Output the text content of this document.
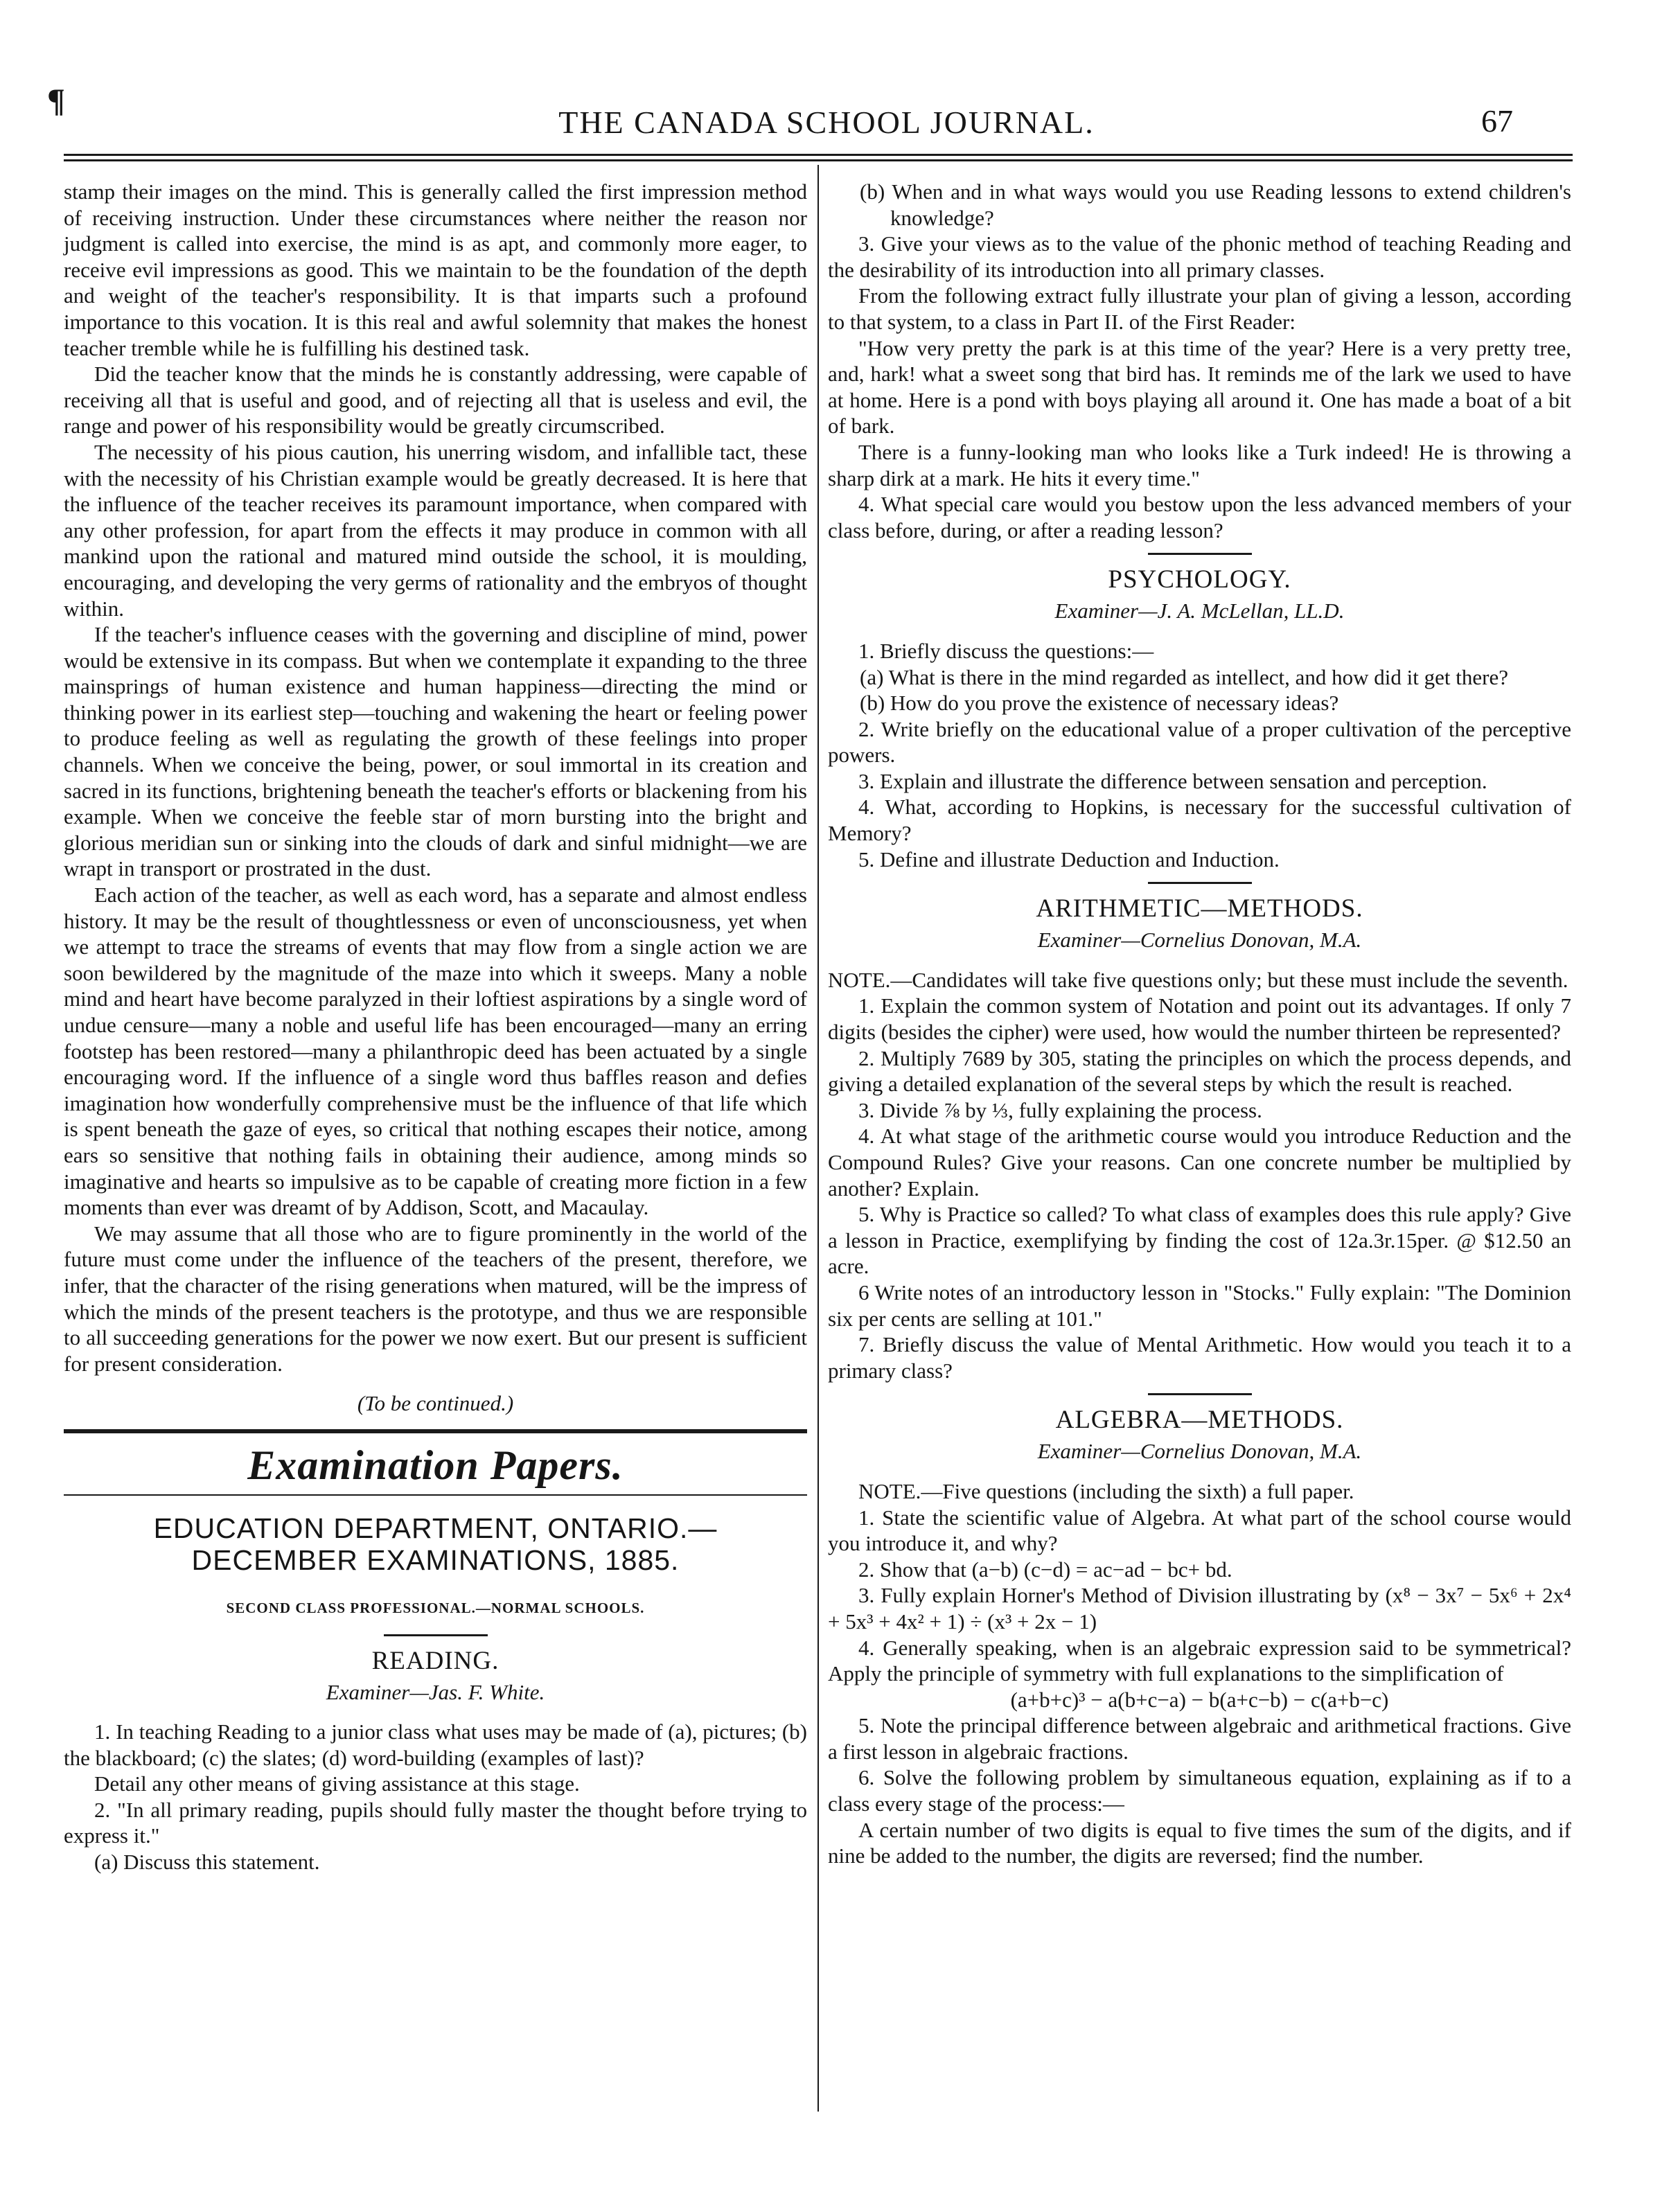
¶
THE CANADA SCHOOL JOURNAL.	67

stamp their images on the mind. This is generally called the first impression method of receiving instruction. Under these circumstances where neither the reason nor judgment is called into exercise, the mind is as apt, and commonly more eager, to receive evil impressions as good. This we maintain to be the foundation of the depth and weight of the teacher's responsibility. It is that imparts such a profound importance to this vocation. It is this real and awful solemnity that makes the honest teacher tremble while he is fulfilling his destined task.

Did the teacher know that the minds he is constantly addressing, were capable of receiving all that is useful and good, and of rejecting all that is useless and evil, the range and power of his responsibility would be greatly circumscribed.

The necessity of his pious caution, his unerring wisdom, and infallible tact, these with the necessity of his Christian example would be greatly decreased. It is here that the influence of the teacher receives its paramount importance, when compared with any other profession, for apart from the effects it may produce in common with all mankind upon the rational and matured mind outside the school, it is moulding, encouraging, and developing the very germs of rationality and the embryos of thought within.

If the teacher's influence ceases with the governing and discipline of mind, power would be extensive in its compass. But when we contemplate it expanding to the three mainsprings of human existence and human happiness—directing the mind or thinking power in its earliest step—touching and wakening the heart or feeling power to produce feeling as well as regulating the growth of these feelings into proper channels. When we conceive the being, power, or soul immortal in its creation and sacred in its functions, brightening beneath the teacher's efforts or blackening from his example. When we conceive the feeble star of morn bursting into the bright and glorious meridian sun or sinking into the clouds of dark and sinful midnight—we are wrapt in transport or prostrated in the dust.

Each action of the teacher, as well as each word, has a separate and almost endless history. It may be the result of thoughtlessness or even of unconsciousness, yet when we attempt to trace the streams of events that may flow from a single action we are soon bewildered by the magnitude of the maze into which it sweeps. Many a noble mind and heart have become paralyzed in their loftiest aspirations by a single word of undue censure—many a noble and useful life has been encouraged—many an erring footstep has been restored—many a philanthropic deed has been actuated by a single encouraging word. If the influence of a single word thus baffles reason and defies imagination how wonderfully comprehensive must be the influence of that life which is spent beneath the gaze of eyes, so critical that nothing escapes their notice, among ears so sensitive that nothing fails in obtaining their audience, among minds so imaginative and hearts so impulsive as to be capable of creating more fiction in a few moments than ever was dreamt of by Addison, Scott, and Macaulay.

We may assume that all those who are to figure prominently in the world of the future must come under the influence of the teachers of the present, therefore, we infer, that the character of the rising generations when matured, will be the impress of which the minds of the present teachers is the prototype, and thus we are responsible to all succeeding generations for the power we now exert. But our present is sufficient for present consideration.

(To be continued.)
Examination Papers.
EDUCATION DEPARTMENT, ONTARIO.—DECEMBER EXAMINATIONS, 1885.
SECOND CLASS PROFESSIONAL.—NORMAL SCHOOLS.
READING.
Examiner—Jas. F. White.

1. In teaching Reading to a junior class what uses may be made of (a), pictures; (b) the blackboard; (c) the slates; (d) word-building (examples of last)?

Detail any other means of giving assistance at this stage.

2. "In all primary reading, pupils should fully master the thought before trying to express it."

(a) Discuss this statement.

(b) When and in what ways would you use Reading lessons to extend children's knowledge?

3. Give your views as to the value of the phonic method of teaching Reading and the desirability of its introduction into all primary classes.

From the following extract fully illustrate your plan of giving a lesson, according to that system, to a class in Part II. of the First Reader:

"How very pretty the park is at this time of the year? Here is a very pretty tree, and, hark! what a sweet song that bird has. It reminds me of the lark we used to have at home. Here is a pond with boys playing all around it. One has made a boat of a bit of bark.

There is a funny-looking man who looks like a Turk indeed! He is throwing a sharp dirk at a mark. He hits it every time."

4. What special care would you bestow upon the less advanced members of your class before, during, or after a reading lesson?

PSYCHOLOGY.
Examiner—J. A. McLellan, LL.D.

1. Briefly discuss the questions:—

(a) What is there in the mind regarded as intellect, and how did it get there?

(b) How do you prove the existence of necessary ideas?

2. Write briefly on the educational value of a proper cultivation of the perceptive powers.

3. Explain and illustrate the difference between sensation and perception.

4. What, according to Hopkins, is necessary for the successful cultivation of Memory?

5. Define and illustrate Deduction and Induction.

ARITHMETIC—METHODS.
Examiner—Cornelius Donovan, M.A.

NOTE.—Candidates will take five questions only; but these must include the seventh.

1. Explain the common system of Notation and point out its advantages. If only 7 digits (besides the cipher) were used, how would the number thirteen be represented?

2. Multiply 7689 by 305, stating the principles on which the process depends, and giving a detailed explanation of the several steps by which the result is reached.

3. Divide ⅞ by ⅓, fully explaining the process.

4. At what stage of the arithmetic course would you introduce Reduction and the Compound Rules? Give your reasons. Can one concrete number be multiplied by another? Explain.

5. Why is Practice so called? To what class of examples does this rule apply? Give a lesson in Practice, exemplifying by finding the cost of 12a.3r.15per. @ $12.50 an acre.

6 Write notes of an introductory lesson in "Stocks." Fully explain: "The Dominion six per cents are selling at 101."

7. Briefly discuss the value of Mental Arithmetic. How would you teach it to a primary class?

ALGEBRA—METHODS.
Examiner—Cornelius Donovan, M.A.

NOTE.—Five questions (including the sixth) a full paper.

1. State the scientific value of Algebra. At what part of the school course would you introduce it, and why?

2. Show that (a−b) (c−d) = ac−ad − bc+ bd.

3. Fully explain Horner's Method of Division illustrating by (x⁸ − 3x⁷ − 5x⁶ + 2x⁴ + 5x³ + 4x² + 1) ÷ (x³ + 2x − 1)

4. Generally speaking, when is an algebraic expression said to be symmetrical? Apply the principle of symmetry with full explanations to the simplification of

(a+b+c)³ − a(b+c−a) − b(a+c−b) − c(a+b−c)

5. Note the principal difference between algebraic and arithmetical fractions. Give a first lesson in algebraic fractions.

6. Solve the following problem by simultaneous equation, explaining as if to a class every stage of the process:—

A certain number of two digits is equal to five times the sum of the digits, and if nine be added to the number, the digits are reversed; find the number.
